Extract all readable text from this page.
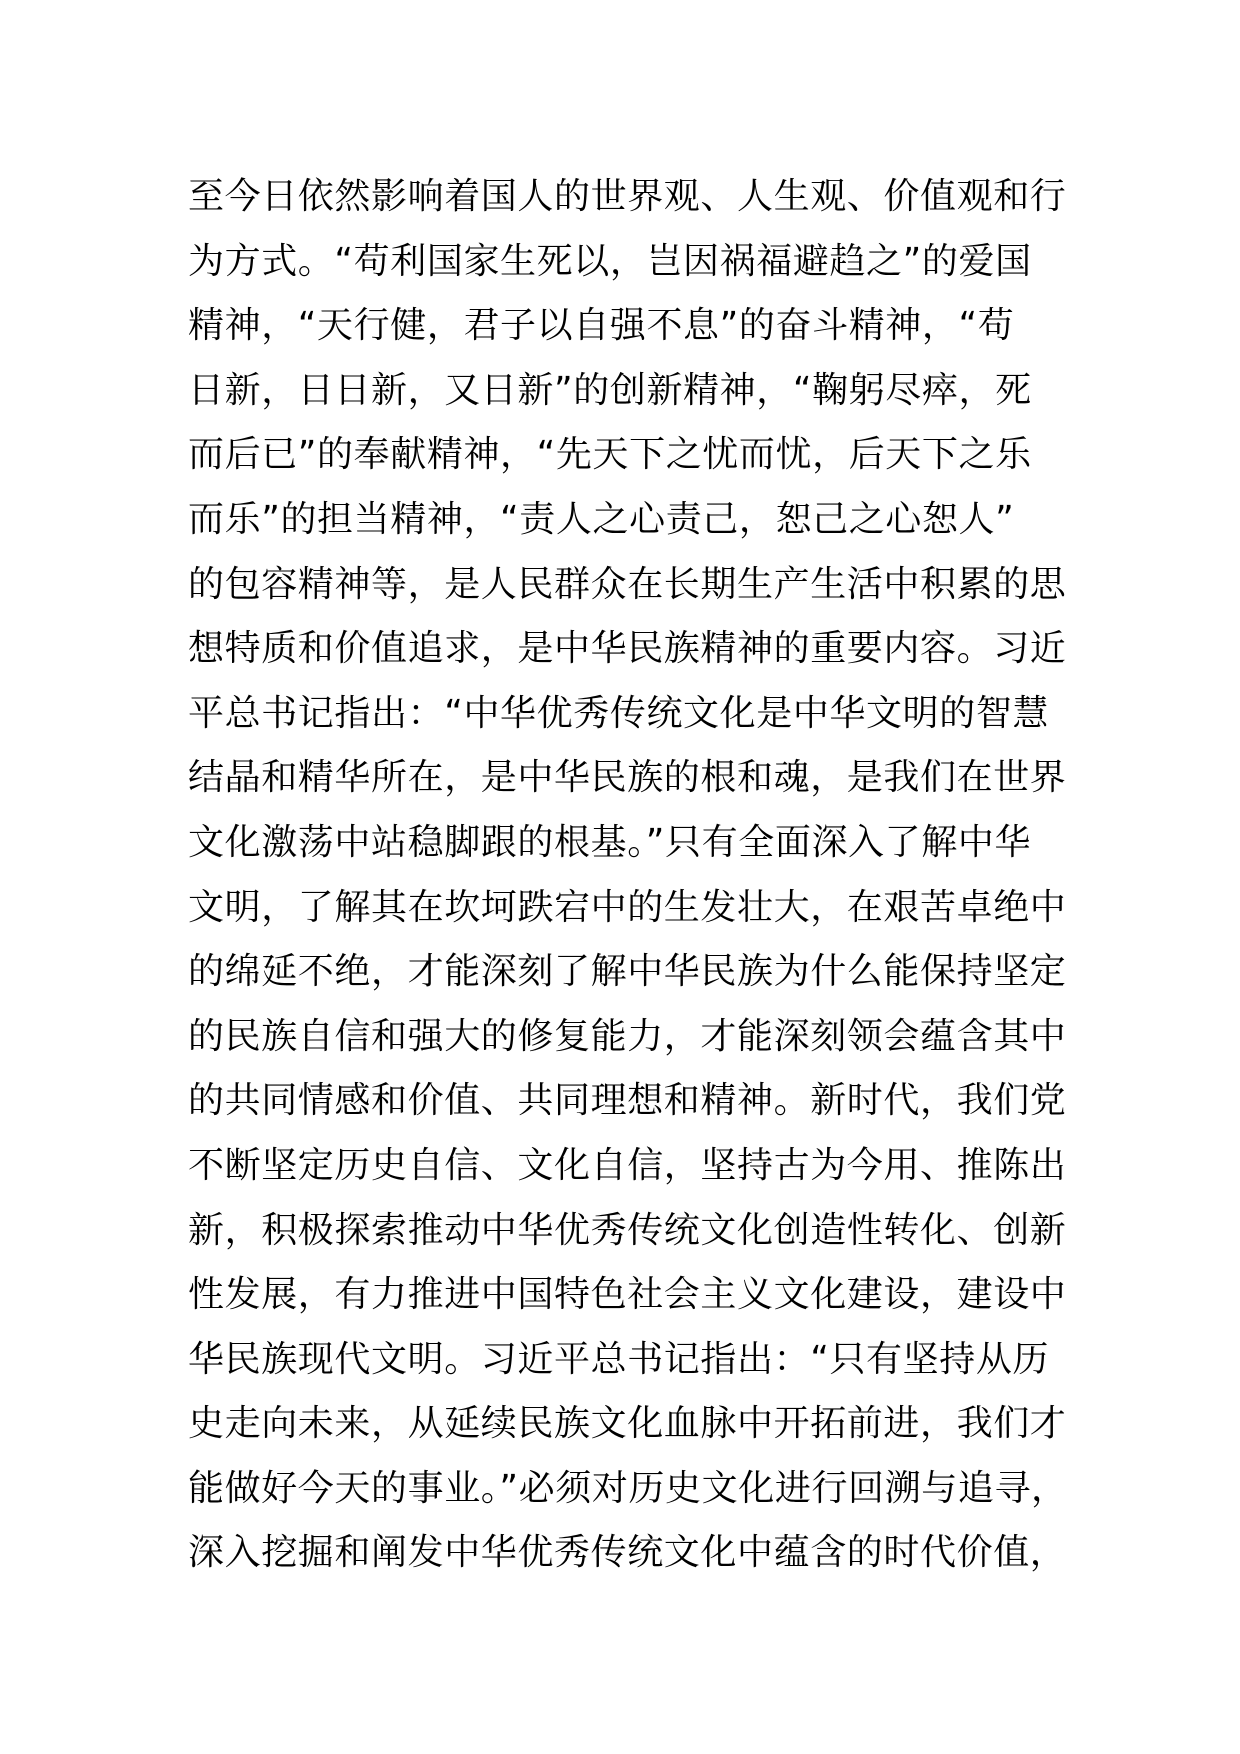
至今日依然影响着国人的世界观、人生观、价值观和行
为方式。“苟利国家生死以，岂因祸福避趋之”的爱国
精神，“天行健，君子以自强不息”的奋斗精神，“苟
日新，日日新，又日新”的创新精神，“鞠躬尽瘁，死
而后已”的奉献精神，“先天下之忧而忧，后天下之乐
而乐”的担当精神，“责人之心责己，恕己之心恕人”
的包容精神等，是人民群众在长期生产生活中积累的思
想特质和价值追求，是中华民族精神的重要内容。习近
平总书记指出：“中华优秀传统文化是中华文明的智慧
结晶和精华所在，是中华民族的根和魂，是我们在世界
文化激荡中站稳脚跟的根基。”只有全面深入了解中华
文明，了解其在坎坷跌宕中的生发壮大，在艰苦卓绝中
的绵延不绝，才能深刻了解中华民族为什么能保持坚定
的民族自信和强大的修复能力，才能深刻领会蕴含其中
的共同情感和价值、共同理想和精神。新时代，我们党
不断坚定历史自信、文化自信，坚持古为今用、推陈出
新，积极探索推动中华优秀传统文化创造性转化、创新
性发展，有力推进中国特色社会主义文化建设，建设中
华民族现代文明。习近平总书记指出：“只有坚持从历
史走向未来，从延续民族文化血脉中开拓前进，我们才
能做好今天的事业。”必须对历史文化进行回溯与追寻，
深入挖掘和阐发中华优秀传统文化中蕴含的时代价值，
